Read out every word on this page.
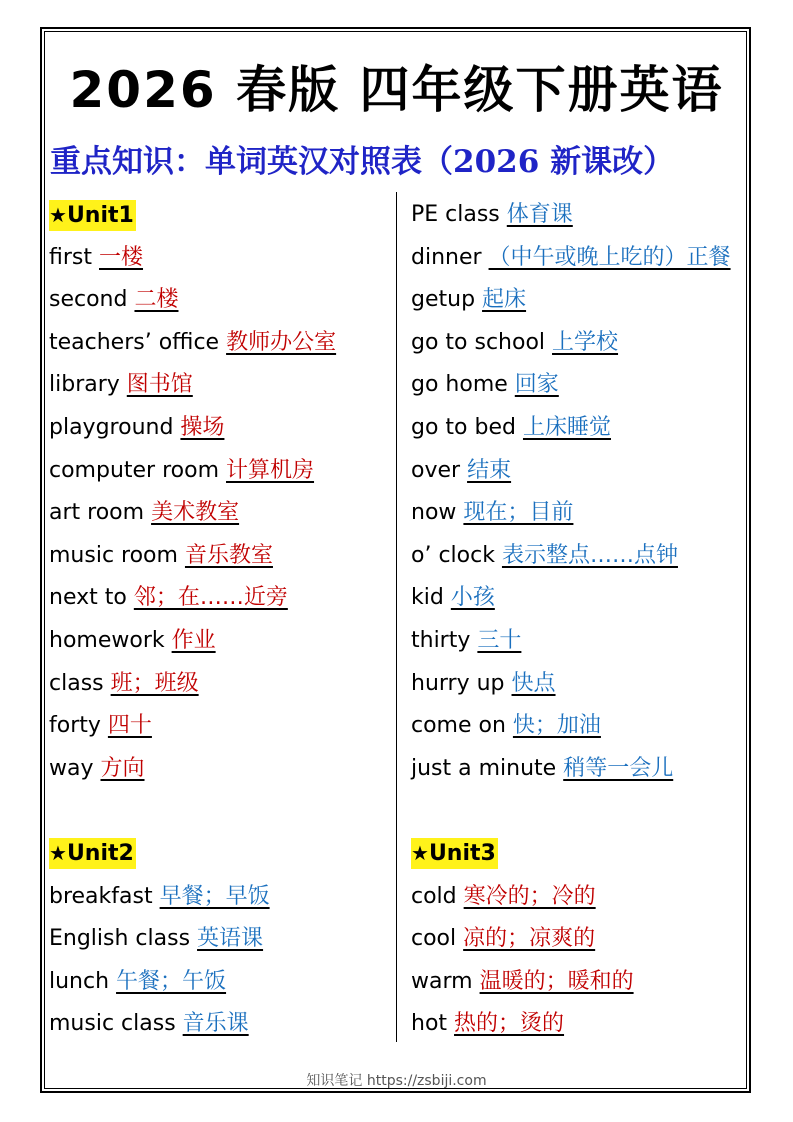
2026 春版 四年级下册英语
重点知识：单词英汉对照表（2026 新课改）
★Unit1
first 一楼
second 二楼
teachers’ office 教师办公室
library 图书馆
playground 操场
computer room 计算机房
art room 美术教室
music room 音乐教室
next to 邻；在……近旁
homework 作业
class 班；班级
forty 四十
way 方向
★Unit2
breakfast 早餐；早饭
English class 英语课
lunch 午餐；午饭
music class 音乐课
PE class 体育课
dinner （中午或晚上吃的）正餐
getup 起床
go to school 上学校
go home 回家
go to bed 上床睡觉
over 结束
now 现在；目前
o’ clock 表示整点……点钟
kid 小孩
thirty 三十
hurry up 快点
come on 快；加油
just a minute 稍等一会儿
★Unit3
cold 寒冷的；冷的
cool 凉的；凉爽的
warm 温暖的；暖和的
hot 热的；烫的
知识笔记 https://zsbiji.com
